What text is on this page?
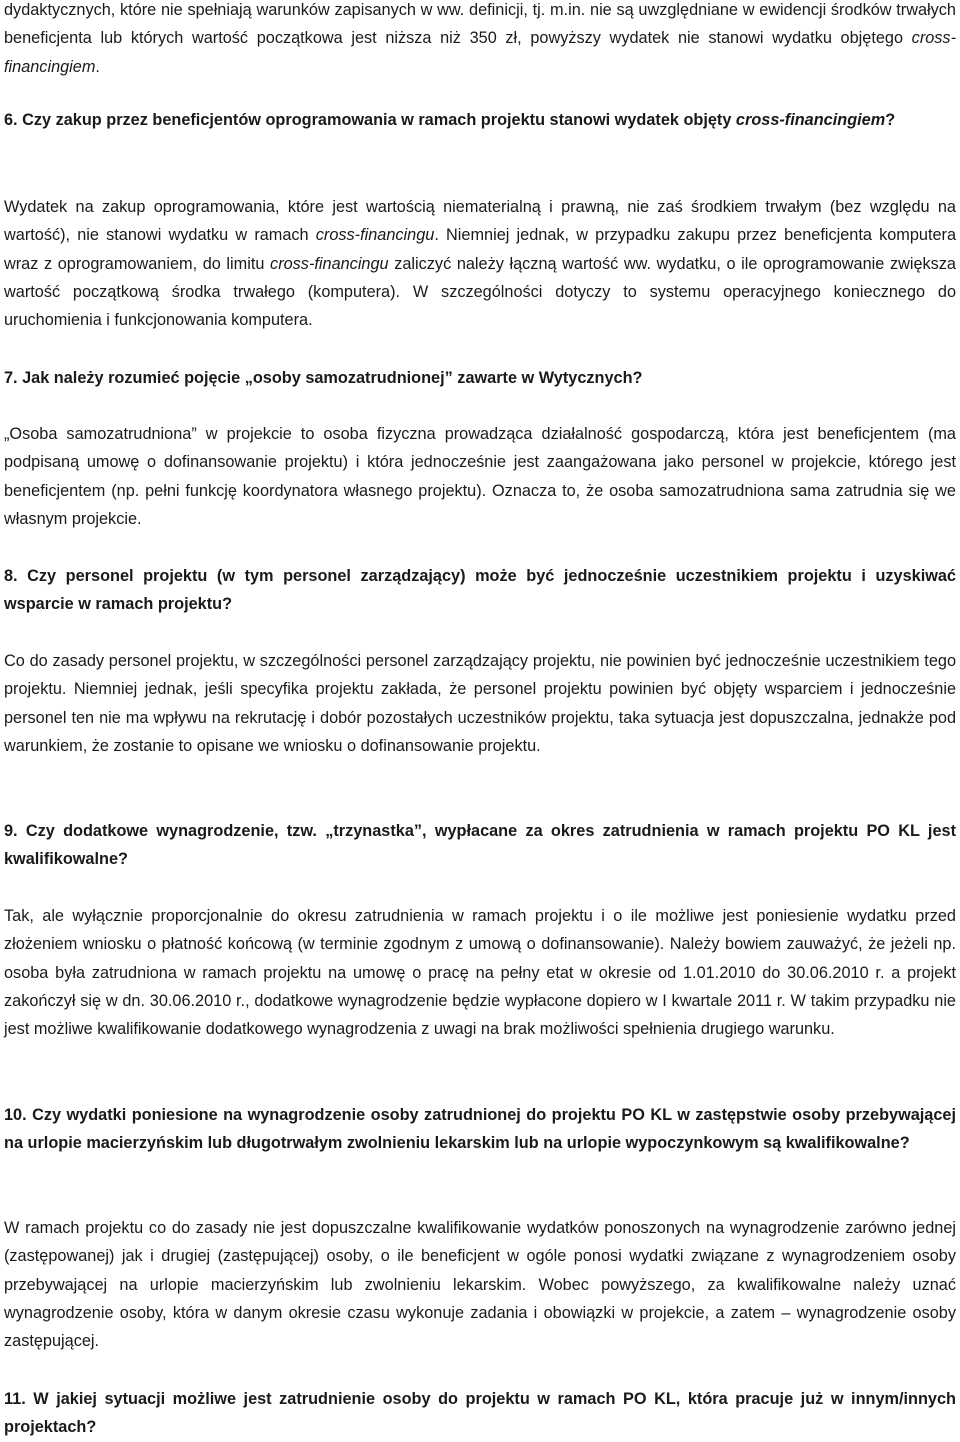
dydaktycznych, które nie spełniają warunków zapisanych w ww. definicji, tj. m.in. nie są uwzględniane w ewidencji środków trwałych beneficjenta lub których wartość początkowa jest niższa niż 350 zł, powyższy wydatek nie stanowi wydatku objętego cross-financingiem.
6. Czy zakup przez beneficjentów oprogramowania w ramach projektu stanowi wydatek objęty cross-financingiem?
Wydatek na zakup oprogramowania, które jest wartością niematerialną i prawną, nie zaś środkiem trwałym (bez względu na wartość), nie stanowi wydatku w ramach cross-financingu. Niemniej jednak, w przypadku zakupu przez beneficjenta komputera wraz z oprogramowaniem, do limitu cross-financingu zaliczyć należy łączną wartość ww. wydatku, o ile oprogramowanie zwiększa wartość początkową środka trwałego (komputera). W szczególności dotyczy to systemu operacyjnego koniecznego do uruchomienia i funkcjonowania komputera.
7. Jak należy rozumieć pojęcie „osoby samozatrudnionej” zawarte w Wytycznych?
„Osoba samozatrudniona” w projekcie to osoba fizyczna prowadząca działalność gospodarczą, która jest beneficjentem (ma podpisaną umowę o dofinansowanie projektu) i która jednocześnie jest zaangażowana jako personel w projekcie, którego jest beneficjentem (np. pełni funkcję koordynatora własnego projektu). Oznacza to, że osoba samozatrudniona sama zatrudnia się we własnym projekcie.
8. Czy personel projektu (w tym personel zarządzający) może być jednocześnie uczestnikiem projektu i uzyskiwać wsparcie w ramach projektu?
Co do zasady personel projektu, w szczególności personel zarządzający projektu, nie powinien być jednocześnie uczestnikiem tego projektu. Niemniej jednak, jeśli specyfika projektu zakłada, że personel projektu powinien być objęty wsparciem i jednocześnie personel ten nie ma wpływu na rekrutację i dobór pozostałych uczestników projektu, taka sytuacja jest dopuszczalna, jednakże pod warunkiem, że zostanie to opisane we wniosku o dofinansowanie projektu.
9. Czy dodatkowe wynagrodzenie, tzw. „trzynastka”, wypłacane za okres zatrudnienia w ramach projektu PO KL jest kwalifikowalne?
Tak, ale wyłącznie proporcjonalnie do okresu zatrudnienia w ramach projektu i o ile możliwe jest poniesienie wydatku przed złożeniem wniosku o płatność końcową (w terminie zgodnym z umową o dofinansowanie). Należy bowiem zauważyć, że jeżeli np. osoba była zatrudniona w ramach projektu na umowę o pracę na pełny etat w okresie od 1.01.2010 do 30.06.2010 r. a projekt zakończył się w dn. 30.06.2010 r., dodatkowe wynagrodzenie będzie wypłacone dopiero w I kwartale 2011 r. W takim przypadku nie jest możliwe kwalifikowanie dodatkowego wynagrodzenia z uwagi na brak możliwości spełnienia drugiego warunku.
10. Czy wydatki poniesione na wynagrodzenie osoby zatrudnionej do projektu PO KL w zastępstwie osoby przebywającej na urlopie macierzyńskim lub długotrwałym zwolnieniu lekarskim lub na urlopie wypoczynkowym są kwalifikowalne?
W ramach projektu co do zasady nie jest dopuszczalne kwalifikowanie wydatków ponoszonych na wynagrodzenie zarówno jednej (zastępowanej) jak i drugiej (zastępującej) osoby, o ile beneficjent w ogóle ponosi wydatki związane z wynagrodzeniem osoby przebywającej na urlopie macierzyńskim lub zwolnieniu lekarskim. Wobec powyższego, za kwalifikowalne należy uznać wynagrodzenie osoby, która w danym okresie czasu wykonuje zadania i obowiązki w projekcie, a zatem – wynagrodzenie osoby zastępującej.
11. W jakiej sytuacji możliwe jest zatrudnienie osoby do projektu w ramach PO KL, która pracuje już w innym/innych projektach?
